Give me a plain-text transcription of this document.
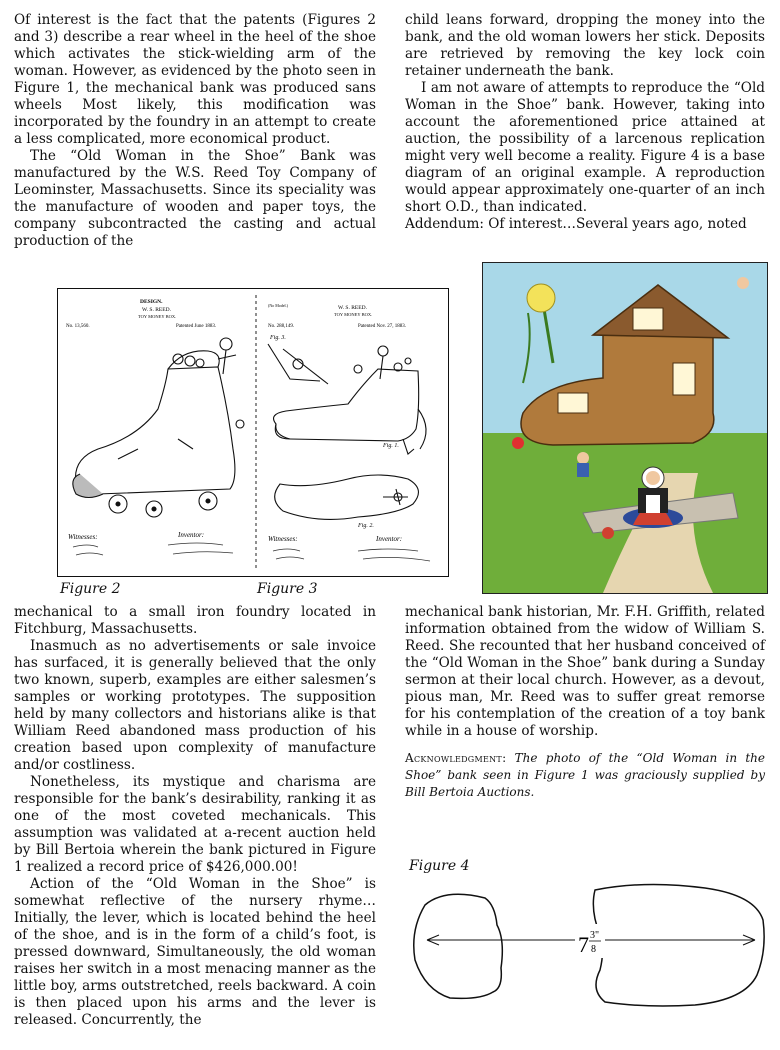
Of interest is the fact that the patents (Figures 2 and 3) describe a rear wheel in the heel of the shoe which activates the stick-wielding arm of the woman. However, as evidenced by the photo seen in Figure 1, the mechanical bank was produced sans wheels Most likely, this modification was incorporated by the foundry in an attempt to create a less complicated, more economical product.

The “Old Woman in the Shoe” Bank was manufactured by the W.S. Reed Toy Company of Leominster, Massachusetts. Since its speciality was the manufacture of wooden and paper toys, the company subcontracted the casting and actual production of the

child leans forward, dropping the money into the bank, and the old woman lowers her stick. Deposits are retrieved by removing the key lock coin retainer underneath the bank.

I am not aware of attempts to reproduce the “Old Woman in the Shoe” bank. However, taking into account the aforementioned price attained at auction, the possibility of a larcenous replication might very well become a reality. Figure 4 is a base diagram of an original example. A reproduction would appear approximately one-quarter of an inch short O.D., than indicated.

Addendum: Of interest…Several years ago, noted

DESIGN.
W. S. REED.
TOY MONEY BOX.
No. 13,560.	Patented June 1883.
Witnesses:	Inventor:
(No Model.)	W. S. REED.
TOY MONEY BOX.
No. 288,149.	Patented Nov. 27, 1883.
Fig. 3.
Fig. 1.
Fig. 2.
Witnesses:	Inventor:
Figure 2	Figure 3

mechanical to a small iron foundry located in Fitchburg, Massachusetts.

Inasmuch as no advertisements or sale invoice has surfaced, it is generally believed that the only two known, superb, examples are either salesmen’s samples or working prototypes. The supposition held by many collectors and historians alike is that William Reed abandoned mass production of his creation based upon complexity of manufacture and/or costliness.

Nonetheless, its mystique and charisma are responsible for the bank’s desirability, ranking it as one of the most coveted mechanicals. This assumption was validated at a-recent auction held by Bill Bertoia wherein the bank pictured in Figure 1 realized a record price of $426,000.00!

Action of the “Old Woman in the Shoe” is somewhat reflective of the nursery rhyme… Initially, the lever, which is located behind the heel of the shoe, and is in the form of a child’s foot, is pressed downward, Simultaneously, the old woman raises her switch in a most menacing manner as the little boy, arms outstretched, reels backward. A coin is then placed upon his arms and the lever is released. Concurrently, the

mechanical bank historian, Mr. F.H. Griffith, related information obtained from the widow of William S. Reed. She recounted that her husband conceived of the “Old Woman in the Shoe” bank during a Sunday sermon at their local church. However, as a devout, pious man, Mr. Reed was to suffer great remorse for his contemplation of the creation of a toy bank while in a house of worship.

Acknowledgment: The photo of the “Old Woman in the Shoe” bank seen in Figure 1 was graciously supplied by Bill Bertoia Auctions.

Figure 4
7 3"
8
